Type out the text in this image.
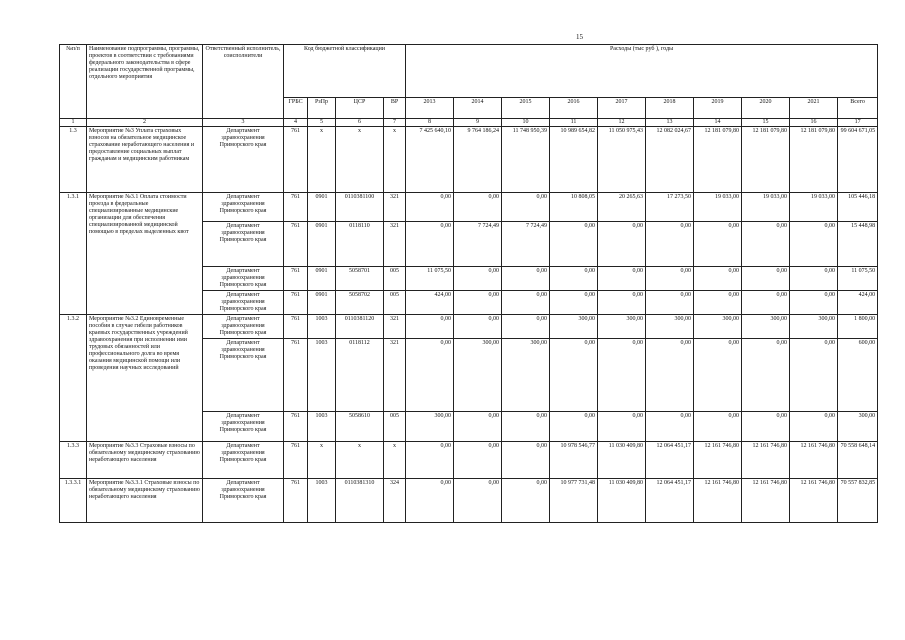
15
№п/п	Наименование подпрограммы, программы, проектов в соответствии с требованиями федерального законодательства в сфере реализации государственной программы, отдельного мероприятия	Ответственный исполнитель, соисполнители	Код бюджетной классификации				Расходы (тыс руб ), годы									
			ГРБС	РзПр	ЦСР	ВР	2013	2014	2015	2016	2017	2018	2019	2020	2021	Всего
1	2	3	4	5	6	7	8	9	10	11	12	13	14	15	16	17
1.3	Мероприятие №3 Уплата страховых взносов на обязательное медицинское страхование неработающего населения и предоставление социальных выплат гражданам и медицинским работникам	Департамент здравоохранения Приморского края	761	х	х	х	7 425 640,10	9 764 186,24	11 748 950,39	10 989 654,82	11 050 975,43	12 082 024,67	12 181 079,80	12 181 079,80	12 181 079,80	99 604 671,05
1.3.1	Мероприятие №3.1 Оплата стоимости проезда в федеральные специализированные медицинские организации для обеспечения специализированной медицинской помощью в пределах выделенных квот	Департамент здравоохранения Приморского края	761	0901	0110381100	321	0,00	0,00	0,00	10 808,05	20 265,63	17 273,50	19 033,00	19 033,00	19 033,00	105 446,18
		Департамент здравоохранения Приморского края	761	0901	0118110	321	0,00	7 724,49	7 724,49	0,00	0,00	0,00	0,00	0,00	0,00	15 448,98
		Департамент здравоохранения Приморского края	761	0901	5058701	005	11 075,50	0,00	0,00	0,00	0,00	0,00	0,00	0,00	0,00	11 075,50
		Департамент здравоохранения Приморского края	761	0901	5058702	005	424,00	0,00	0,00	0,00	0,00	0,00	0,00	0,00	0,00	424,00
1.3.2	Мероприятие №3.2 Единовременные пособия в случае гибели работников краевых государственных учреждений здравоохранения при исполнении ими трудовых обязанностей или профессионального долга во время оказания медицинской помощи или проведения научных исследований	Департамент здравоохранения Приморского края	761	1003	0110381120	321	0,00	0,00	0,00	300,00	300,00	300,00	300,00	300,00	300,00	1 800,00
		Департамент здравоохранения Приморского края	761	1003	0118112	321	0,00	300,00	300,00	0,00	0,00	0,00	0,00	0,00	0,00	600,00
		Департамент здравоохранения Приморского края	761	1003	5058610	005	300,00	0,00	0,00	0,00	0,00	0,00	0,00	0,00	0,00	300,00
1.3.3	Мероприятие №3.3 Страховые взносы по обязательному медицинскому страхованию неработающего населения	Департамент здравоохранения Приморского края	761	х	х	х	0,00	0,00	0,00	10 978 546,77	11 030 409,80	12 064 451,17	12 161 746,80	12 161 746,80	12 161 746,80	70 558 648,14
1.3.3.1	Мероприятие №3.3.1 Страховые взносы по обязательному медицинскому страхованию неработающего населения	Департамент здравоохранения Приморского края	761	1003	0110381310	324	0,00	0,00	0,00	10 977 731,48	11 030 409,80	12 064 451,17	12 161 746,80	12 161 746,80	12 161 746,80	70 557 832,85
